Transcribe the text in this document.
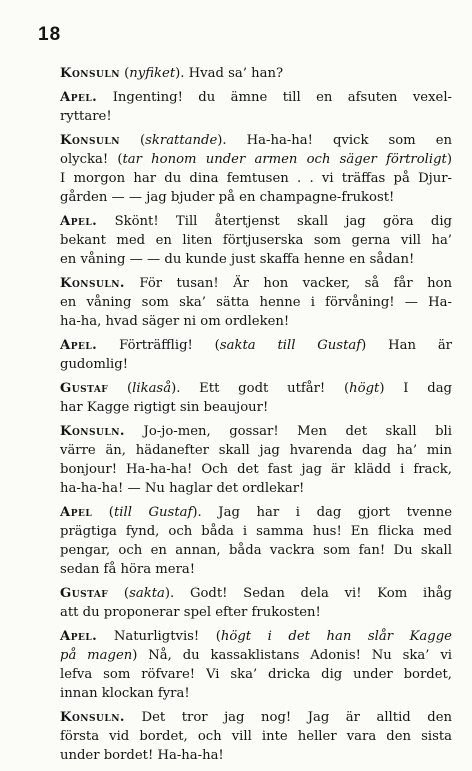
18
Konsuln (nyfiket). Hvad sa’ han?
Apel. Ingenting! du ämne till en afsuten vexel-
ryttare!
Konsuln (skrattande). Ha-ha-ha! qvick som en
olycka! (tar honom under armen och säger förtroligt)
I morgon har du dina femtusen . . vi träffas på Djur-
gården — — jag bjuder på en champagne-frukost!
Apel. Skönt! Till återtjenst skall jag göra dig
bekant med en liten förtjuserska som gerna vill ha’
en våning — — du kunde just skaffa henne en sådan!
Konsuln. För tusan! Är hon vacker, så får hon
en våning som ska’ sätta henne i förvåning! — Ha-
ha-ha, hvad säger ni om ordleken!
Apel. Förträfflig! (sakta till Gustaf) Han är
gudomlig!
Gustaf (likaså). Ett godt utfår! (högt) I dag
har Kagge rigtigt sin beaujour!
Konsuln. Jo-jo-men, gossar! Men det skall bli
värre än, hädanefter skall jag hvarenda dag ha’ min
bonjour! Ha-ha-ha! Och det fast jag är klädd i frack,
ha-ha-ha! — Nu haglar det ordlekar!
Apel (till Gustaf). Jag har i dag gjort tvenne
prägtiga fynd, och båda i samma hus! En flicka med
pengar, och en annan, båda vackra som fan! Du skall
sedan få höra mera!
Gustaf (sakta). Godt! Sedan dela vi! Kom ihåg
att du proponerar spel efter frukosten!
Apel. Naturligtvis! (högt i det han slår Kagge
på magen) Nå, du kassaklistans Adonis! Nu ska’ vi
lefva som röfvare! Vi ska’ dricka dig under bordet,
innan klockan fyra!
Konsuln. Det tror jag nog! Jag är alltid den
första vid bordet, och vill inte heller vara den sista
under bordet! Ha-ha-ha!
